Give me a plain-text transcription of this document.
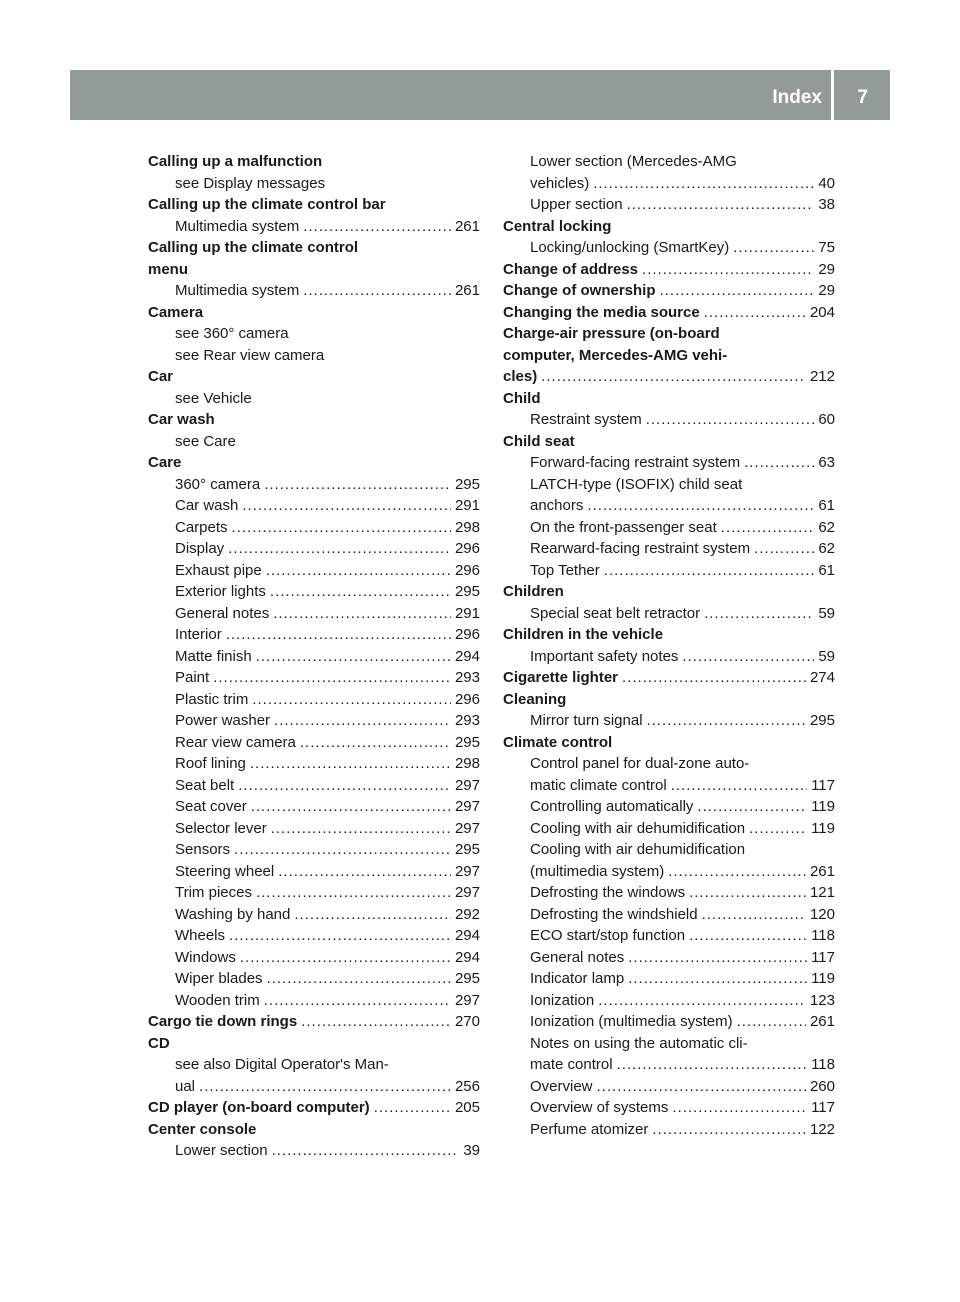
Index 7
Calling up a malfunction
see Display messages
Calling up the climate control bar
Multimedia system .....	261
Calling up the climate control
menu
Multimedia system .....	261
Camera
see 360° camera
see Rear view camera
Car
see Vehicle
Car wash
see Care
Care
360° camera .....	295
Car wash .....	291
Carpets .....	298
Display .....	296
Exhaust pipe .....	296
Exterior lights .....	295
General notes .....	291
Interior .....	296
Matte finish .....	294
Paint .....	293
Plastic trim .....	296
Power washer .....	293
Rear view camera .....	295
Roof lining .....	298
Seat belt .....	297
Seat cover .....	297
Selector lever .....	297
Sensors .....	295
Steering wheel .....	297
Trim pieces .....	297
Washing by hand .....	292
Wheels .....	294
Windows .....	294
Wiper blades .....	295
Wooden trim .....	297
Cargo tie down rings .....	270
CD
see also Digital Operator's Man-
ual .....	256
CD player (on-board computer) .....	205
Center console
Lower section .....	39
Lower section (Mercedes-AMG
vehicles) .....	40
Upper section .....	38
Central locking
Locking/unlocking (SmartKey) .....	75
Change of address .....	29
Change of ownership .....	29
Changing the media source .....	204
Charge-air pressure (on-board
computer, Mercedes-AMG vehi-
cles) .....	212
Child
Restraint system .....	60
Child seat
Forward-facing restraint system .....	63
LATCH-type (ISOFIX) child seat
anchors .....	61
On the front-passenger seat .....	62
Rearward-facing restraint system .....	62
Top Tether .....	61
Children
Special seat belt retractor .....	59
Children in the vehicle
Important safety notes .....	59
Cigarette lighter .....	274
Cleaning
Mirror turn signal .....	295
Climate control
Control panel for dual-zone auto-
matic climate control .....	117
Controlling automatically .....	119
Cooling with air dehumidification .....	119
Cooling with air dehumidification
(multimedia system) .....	261
Defrosting the windows .....	121
Defrosting the windshield .....	120
ECO start/stop function .....	118
General notes .....	117
Indicator lamp .....	119
Ionization .....	123
Ionization (multimedia system) .....	261
Notes on using the automatic cli-
mate control .....	118
Overview .....	260
Overview of systems .....	117
Perfume atomizer .....	122
